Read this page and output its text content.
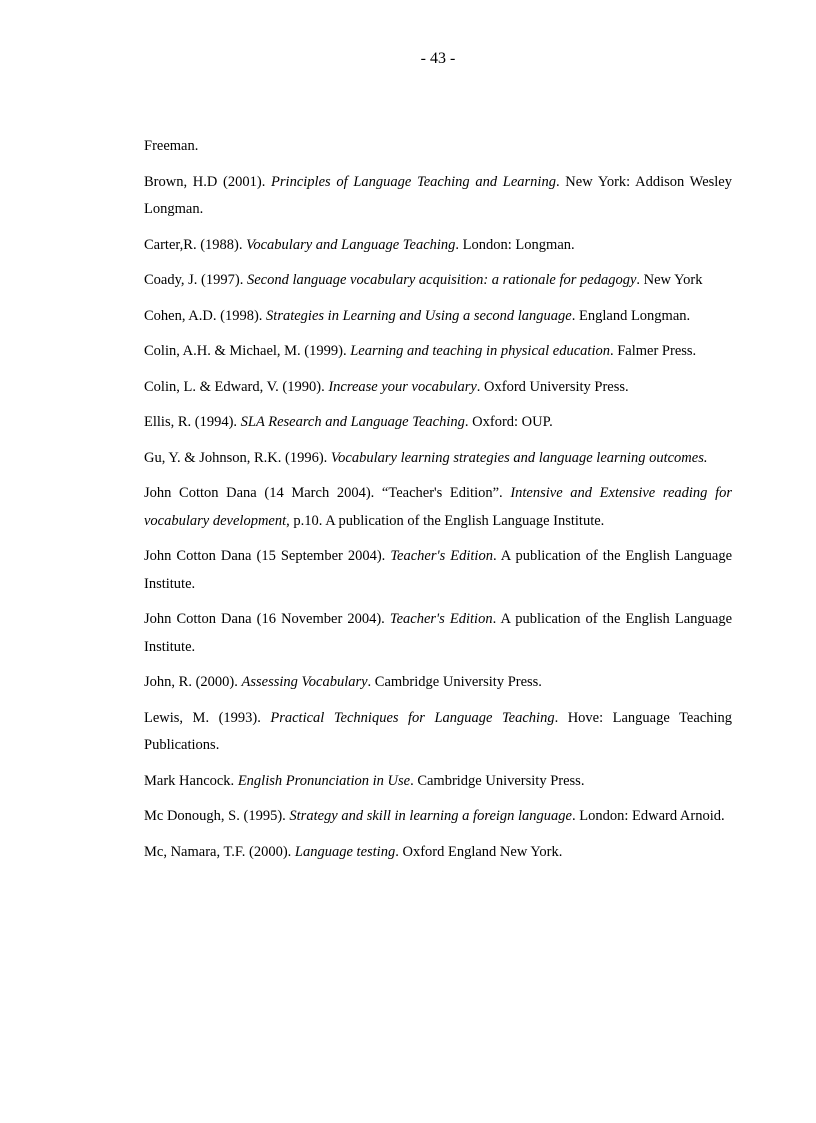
- 43 -

Freeman.

Brown, H.D (2001). Principles of Language Teaching and Learning. New York: Addison Wesley Longman.

Carter,R. (1988). Vocabulary and Language Teaching. London: Longman.

Coady, J. (1997). Second language vocabulary acquisition: a rationale for pedagogy. New York

Cohen, A.D. (1998). Strategies in Learning and Using a second language. England Longman.

Colin, A.H. & Michael, M. (1999). Learning and teaching in physical education. Falmer Press.

Colin, L. & Edward, V. (1990). Increase your vocabulary. Oxford University Press.

Ellis, R. (1994). SLA Research and Language Teaching. Oxford: OUP.

Gu, Y. & Johnson, R.K. (1996). Vocabulary learning strategies and language learning outcomes.

John Cotton Dana (14 March 2004). “Teacher's Edition”. Intensive and Extensive reading for vocabulary development, p.10. A publication of the English Language Institute.

John Cotton Dana (15 September 2004). Teacher's Edition. A publication of the English Language Institute.

John Cotton Dana (16 November 2004). Teacher's Edition. A publication of the English Language Institute.

John, R. (2000). Assessing Vocabulary. Cambridge University Press.

Lewis, M. (1993). Practical Techniques for Language Teaching. Hove: Language Teaching Publications.

Mark Hancock. English Pronunciation in Use. Cambridge University Press.

Mc Donough, S. (1995). Strategy and skill in learning a foreign language. London: Edward Arnoid.

Mc, Namara, T.F. (2000). Language testing. Oxford England New York.
